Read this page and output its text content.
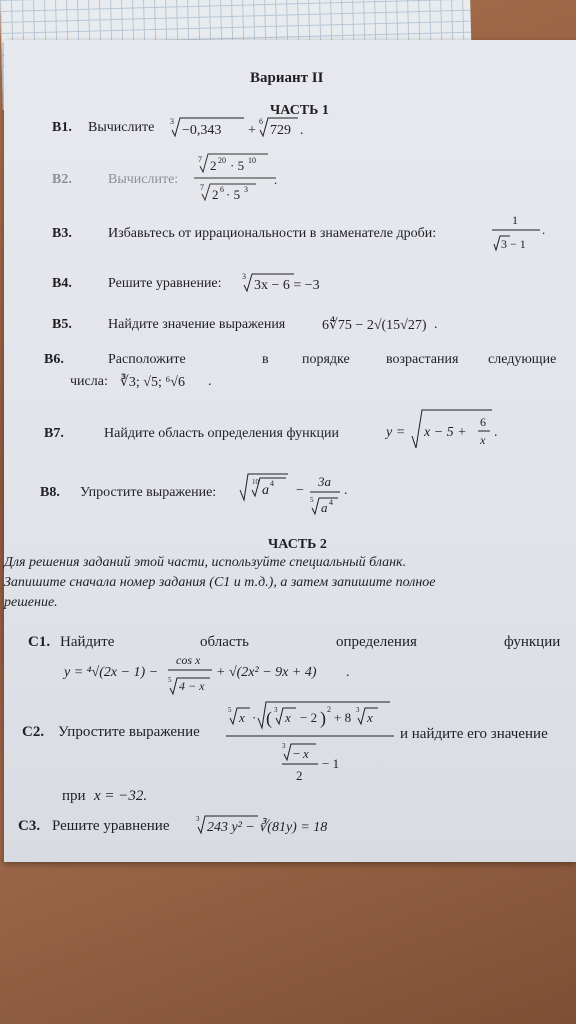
Вариант II
ЧАСТЬ 1
B1. Вычислите 3
−0,343 +
6
729 .
B2.	Вычислите:
7 2 20 · 5 10
7 2 6 · 5 3
.
B3.	Избавьтесь от иррациональности в знаменателе дроби:
1
3 − 1
.
B4.	Решите уравнение:	3
3x − 6 = −3
B5.	Найдите значение выражения	6∜75 − 2√(15√27) .
B6.	Расположите	в порядке	возрастания следующие
числа: ∛3; √5; ⁶√6 .
B7.	Найдите область определения функции	y = x − 5 +
6
x .
B8. Упростите выражение:
10
a 4 −
3a
5 a 4
.
ЧАСТЬ 2
Для решения заданий этой части, используйте специальный бланк.
Запишите сначала номер задания (С1 и т.д.), а затем запишите полное
решение.
C1. Найдите	область	определения	функции
y = ⁴√(2x − 1) −
cos x
5 4 − x
+ √(2x² − 9x + 4) .
C2. Упростите выражение
5 x · ( 3 x − 2 ) 2
+ 8 3 x
3 − x
2
− 1
и найдите его значение
при x = −32.
C3. Решите уравнение	3
243 y² − ∛(81y) = 18
